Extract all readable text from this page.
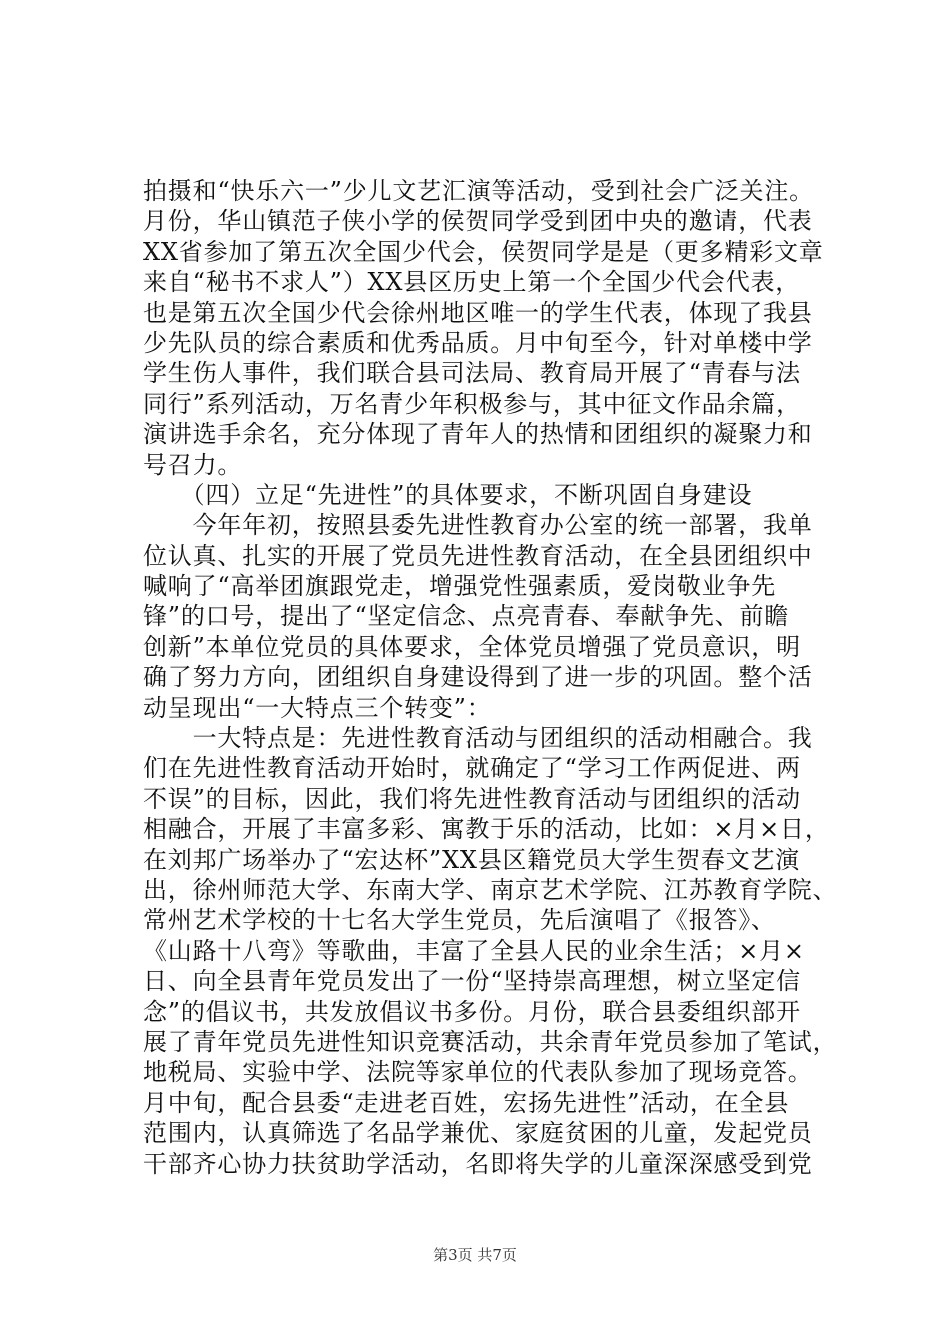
拍摄和“快乐六一”少儿文艺汇演等活动，受到社会广泛关注。
月份，华山镇范子侠小学的侯贺同学受到团中央的邀请，代表
XX省参加了第五次全国少代会，侯贺同学是是（更多精彩文章
来自“秘书不求人”）XX县区历史上第一个全国少代会代表，
也是第五次全国少代会徐州地区唯一的学生代表，体现了我县
少先队员的综合素质和优秀品质。月中旬至今，针对单楼中学
学生伤人事件，我们联合县司法局、教育局开展了“青春与法
同行”系列活动，万名青少年积极参与，其中征文作品余篇，
演讲选手余名，充分体现了青年人的热情和团组织的凝聚力和
号召力。
　　（四）立足“先进性”的具体要求，不断巩固自身建设
　　今年年初，按照县委先进性教育办公室的统一部署，我单
位认真、扎实的开展了党员先进性教育活动，在全县团组织中
喊响了“高举团旗跟党走，增强党性强素质，爱岗敬业争先
锋”的口号，提出了“坚定信念、点亮青春、奉献争先、前瞻
创新”本单位党员的具体要求，全体党员增强了党员意识，明
确了努力方向，团组织自身建设得到了进一步的巩固。整个活
动呈现出“一大特点三个转变”：
　　一大特点是：先进性教育活动与团组织的活动相融合。我
们在先进性教育活动开始时，就确定了“学习工作两促进、两
不误”的目标，因此，我们将先进性教育活动与团组织的活动
相融合，开展了丰富多彩、寓教于乐的活动，比如：×月×日，
在刘邦广场举办了“宏达杯”XX县区籍党员大学生贺春文艺演
出，徐州师范大学、东南大学、南京艺术学院、江苏教育学院、
常州艺术学校的十七名大学生党员，先后演唱了《报答》、
《山路十八弯》等歌曲，丰富了全县人民的业余生活；×月×
日、向全县青年党员发出了一份“坚持崇高理想，树立坚定信
念”的倡议书，共发放倡议书多份。月份，联合县委组织部开
展了青年党员先进性知识竞赛活动，共余青年党员参加了笔试，
地税局、实验中学、法院等家单位的代表队参加了现场竞答。
月中旬，配合县委“走进老百姓，宏扬先进性”活动，在全县
范围内，认真筛选了名品学兼优、家庭贫困的儿童，发起党员
干部齐心协力扶贫助学活动，名即将失学的儿童深深感受到党
第3页 共7页
